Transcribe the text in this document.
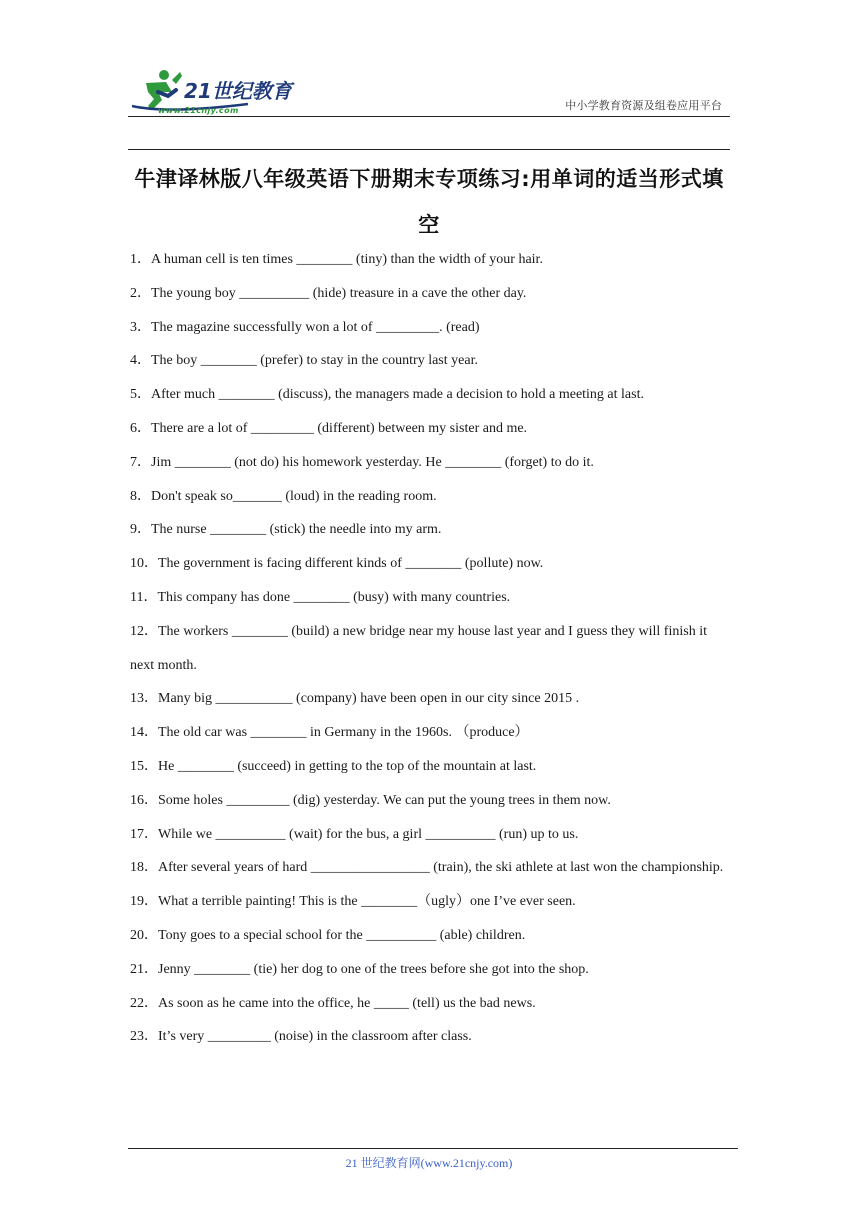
21世纪教育
www.21cnjy.com	中小学教育资源及组卷应用平台
牛津译林版八年级英语下册期末专项练习:用单词的适当形式填空
1．A human cell is ten times ________ (tiny) than the width of your hair.
2．The young boy __________ (hide) treasure in a cave the other day.
3．The magazine successfully won a lot of _________. (read)
4．The boy ________ (prefer) to stay in the country last year.
5．After much ________ (discuss), the managers made a decision to hold a meeting at last.
6．There are a lot of _________ (different) between my sister and me.
7．Jim ________ (not do) his homework yesterday. He ________ (forget) to do it.
8．Don't speak so_______ (loud) in the reading room.
9．The nurse ________ (stick) the needle into my arm.
10．The government is facing different kinds of ________ (pollute) now.
11．This company has done ________ (busy) with many countries.
12．The workers ________ (build) a new bridge near my house last year and I guess they will finish it next month.
13．Many big ___________ (company) have been open in our city since 2015 .
14．The old car was ________ in Germany in the 1960s. （produce）
15．He ________ (succeed) in getting to the top of the mountain at last.
16．Some holes _________ (dig) yesterday. We can put the young trees in them now.
17．While we __________ (wait) for the bus, a girl __________ (run) up to us.
18．After several years of hard _________________ (train), the ski athlete at last won the championship.
19．What a terrible painting! This is the ________（ugly）one I’ve ever seen.
20．Tony goes to a special school for the __________ (able) children.
21．Jenny ________ (tie) her dog to one of the trees before she got into the shop.
22．As soon as he came into the office, he _____ (tell) us the bad news.
23．It’s very _________ (noise) in the classroom after class.
21 世纪教育网(www.21cnjy.com)
